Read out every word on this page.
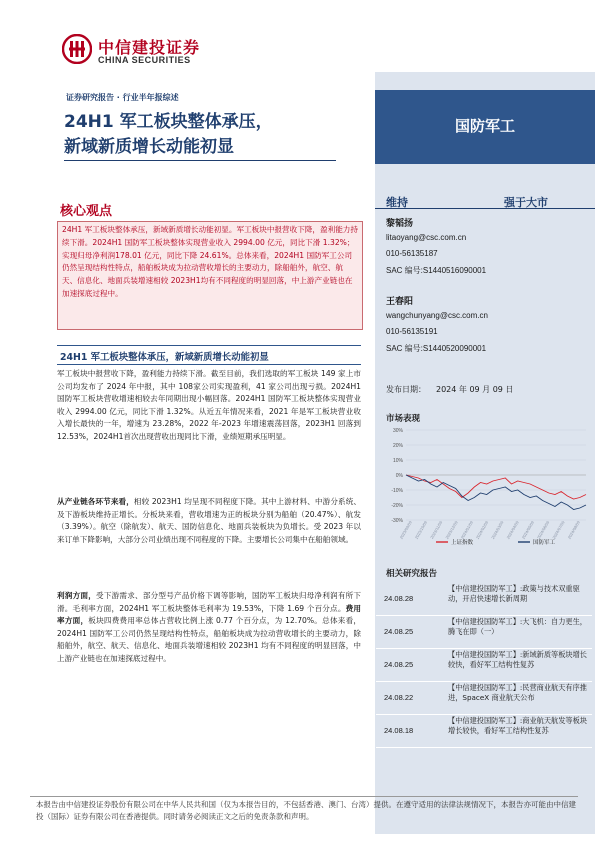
中信建投证券
CHINA SECURITIES
证券研究报告 · 行业半年报综述
24H1 军工板块整体承压，
新域新质增长动能初显
国防军工
维持	强于大市
黎韬扬
litaoyang@csc.com.cn
010-56135187
SAC 编号:S1440516090001
王春阳
wangchunyang@csc.com.cn
010-56135191
SAC 编号:S1440520090001
发布日期： 2024 年 09 月 09 日
市场表现
30%
20%
10%
0%
-10%
-20%
-30%
2023/09/09 2023/10/09 2023/11/09 2023/12/09 2024/01/09 2024/02/09 2024/03/09 2024/04/09 2024/05/09 2024/06/09 2024/07/09 2024/08/09
上证指数	国防军工
相关研究报告
24.08.28
【中信建投国防军工】:政策与技术双重驱动，开启快速增长新周期
24.08.25
【中信建投国防军工】:大飞机：自力更生，腾飞在即（一）
24.08.25
【中信建投国防军工】:新域新质等板块增长较快，看好军工结构性复苏
24.08.22
【中信建投国防军工】:民营商业航天有序推进，SpaceX 商业航天公布
24.08.18
【中信建投国防军工】:商业航天航发等板块增长较快，看好军工结构性复苏
核心观点
24H1 军工板块整体承压，新域新质增长动能初显。军工板块中报营收下降，盈利能力持续下滑。2024H1 国防军工板块整体实现营业收入 2994.00 亿元，同比下滑 1.32%；实现归母净利润178.01 亿元，同比下降 24.61%。总体来看，2024H1 国防军工公司仍然呈现结构性特点，船舶板块成为拉动营收增长的主要动力，除船舶外，航空、航天、信息化、地面兵装增速相较 2023H1均有不同程度的明显回落，中上游产业链也在加速探底过程中。
24H1 军工板块整体承压，新域新质增长动能初显
军工板块中报营收下降，盈利能力持续下滑。截至目前，我们选取的军工板块 149 家上市公司均发布了 2024 年中报，其中 108家公司实现盈利，41 家公司出现亏损。2024H1 国防军工板块营收增速相较去年同期出现小幅回落。2024H1 国防军工板块整体实现营业收入 2994.00 亿元，同比下滑 1.32%。从近五年情况来看，2021 年是军工板块营业收入增长最快的一年，增速为 23.28%，2022 年-2023 年增速震荡回落，2023H1 回落到 12.53%，2024H1首次出现营收出现同比下滑，业绩短期承压明显。
从产业链各环节来看，相较 2023H1 均呈现不同程度下降。其中上游材料、中游分系统、及下游板块维持正增长。分板块来看，营收增速为正的板块分别为船舶（20.47%）、航发（3.39%）。航空（除航发）、航天、国防信息化、地面兵装板块为负增长。受 2023 年以来订单下降影响，大部分公司业绩出现不同程度的下降。主要增长公司集中在船舶领域。
利润方面，受下游需求、部分型号产品价格下调等影响，国防军工板块归母净利润有所下滑。毛利率方面，2024H1 军工板块整体毛利率为 19.53%，下降 1.69 个百分点。费用率方面，板块四费费用率总体占营收比例上涨 0.77 个百分点，为 12.70%。总体来看，2024H1 国防军工公司仍然呈现结构性特点，船舶板块成为拉动营收增长的主要动力，除船舶外，航空、航天、信息化、地面兵装增速相较 2023H1 均有不同程度的明显回落，中上游产业链也在加速探底过程中。
本报告由中信建投证券股份有限公司在中华人民共和国（仅为本报告目的，不包括香港、澳门、台湾）提供。在遵守适用的法律法规情况下，本报告亦可能由中信建投（国际）证券有限公司在香港提供。同时请务必阅读正文之后的免责条款和声明。
